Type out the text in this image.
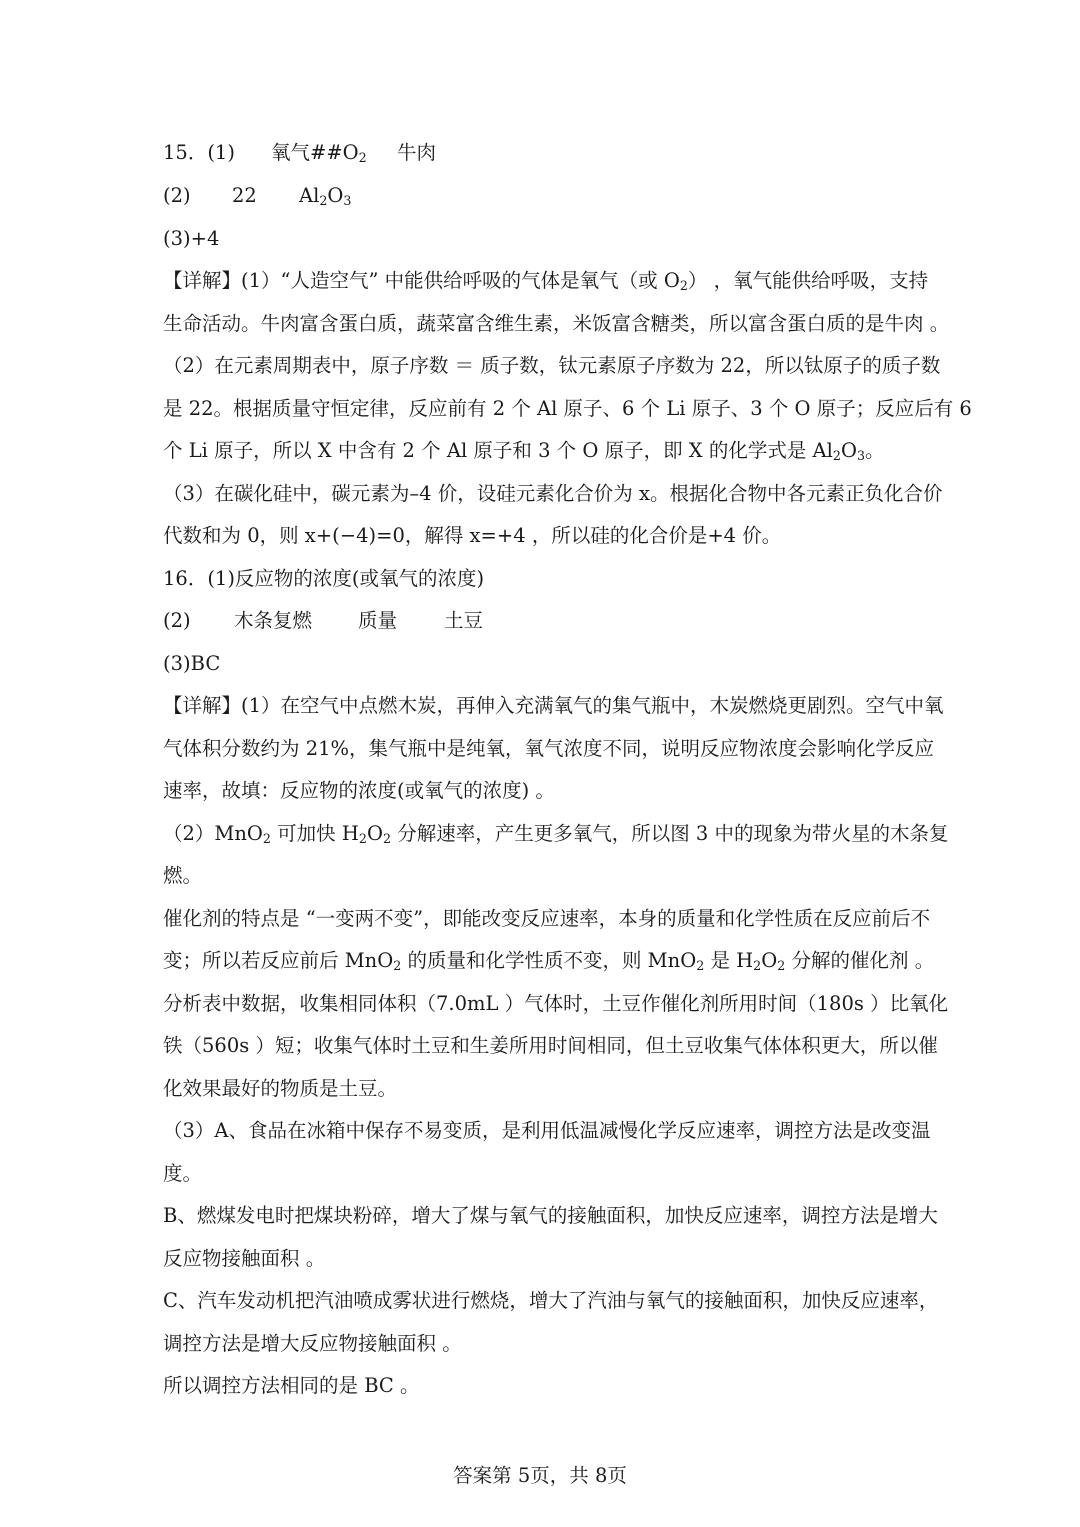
15．(1) 氧气$\#\#O_2$ 牛肉
(2) 22 $Al_2O_3$
(3)+4
【详解】(1）“人造空气” 中能供给呼吸的气体是氧气（或 $O_2$） ，氧气能供给呼吸，支持
生命活动。牛肉富含蛋白质，蔬菜富含维生素，米饭富含糖类，所以富含蛋白质的是牛肉 。
（2）在元素周期表中，原子序数 ＝ 质子数，钛元素原子序数为 22，所以钛原子的质子数
是 22。根据质量守恒定律，反应前有 2 个 Al 原子、6 个 Li 原子、3 个 O 原子；反应后有 6
个 Li 原子，所以 X 中含有 2 个 Al 原子和 3 个 O 原子，即 X 的化学式是 $Al_2O_3$。
（3）在碳化硅中，碳元素为–4 价，设硅元素化合价为 x。根据化合物中各元素正负化合价
代数和为 0，则 x+(−4)=0，解得 x=+4 ，所以硅的化合价是+4 价。
16．(1)反应物的浓度(或氧气的浓度)
(2) 木条复燃 质量 土豆
(3)BC
【详解】(1）在空气中点燃木炭，再伸入充满氧气的集气瓶中，木炭燃烧更剧烈。空气中氧
气体积分数约为 21%，集气瓶中是纯氧，氧气浓度不同，说明反应物浓度会影响化学反应
速率，故填：反应物的浓度(或氧气的浓度) 。
（2）MnO$_2$ 可加快 $H_2O_2$ 分解速率，产生更多氧气，所以图 3 中的现象为带火星的木条复
燃。
催化剂的特点是 “一变两不变”，即能改变反应速率，本身的质量和化学性质在反应前后不
变；所以若反应前后 MnO$_2$ 的质量和化学性质不变，则 MnO$_2$ 是 $H_2O_2$ 分解的催化剂 。
分析表中数据，收集相同体积（7.0mL ）气体时，土豆作催化剂所用时间（180s ）比氧化
铁（560s ）短；收集气体时土豆和生姜所用时间相同，但土豆收集气体体积更大，所以催
化效果最好的物质是土豆。
（3）A、食品在冰箱中保存不易变质，是利用低温减慢化学反应速率，调控方法是改变温
度。
B、燃煤发电时把煤块粉碎，增大了煤与氧气的接触面积，加快反应速率，调控方法是增大
反应物接触面积 。
C、汽车发动机把汽油喷成雾状进行燃烧，增大了汽油与氧气的接触面积，加快反应速率，
调控方法是增大反应物接触面积 。
所以调控方法相同的是 BC 。
答案第 5页，共 8页
